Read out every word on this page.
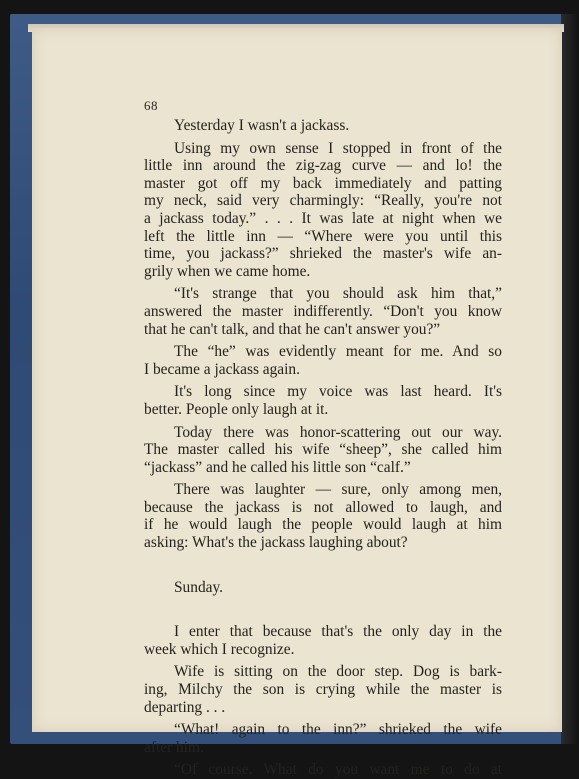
68
Yesterday I wasn't a jackass.
Using my own sense I stopped in front of the
little inn around the zig-zag curve — and lo! the
master got off my back immediately and patting
my neck, said very charmingly: “Really, you're not
a jackass today.” . . . It was late at night when we
left the little inn — “Where were you until this
time, you jackass?” shrieked the master's wife an-
grily when we came home.
“It's strange that you should ask him that,”
answered the master indifferently. “Don't you know
that he can't talk, and that he can't answer you?”
The “he” was evidently meant for me. And so
I became a jackass again.
It's long since my voice was last heard. It's
better. People only laugh at it.
Today there was honor-scattering out our way.
The master called his wife “sheep”, she called him
“jackass” and he called his little son “calf.”
There was laughter — sure, only among men,
because the jackass is not allowed to laugh, and
if he would laugh the people would laugh at him
asking: What's the jackass laughing about?
Sunday.
I enter that because that's the only day in the
week which I recognize.
Wife is sitting on the door step. Dog is bark-
ing, Milchy the son is crying while the master is
departing . . .
“What! again to the inn?” shrieked the wife
after him.
“Of course. What do you want me to do at
